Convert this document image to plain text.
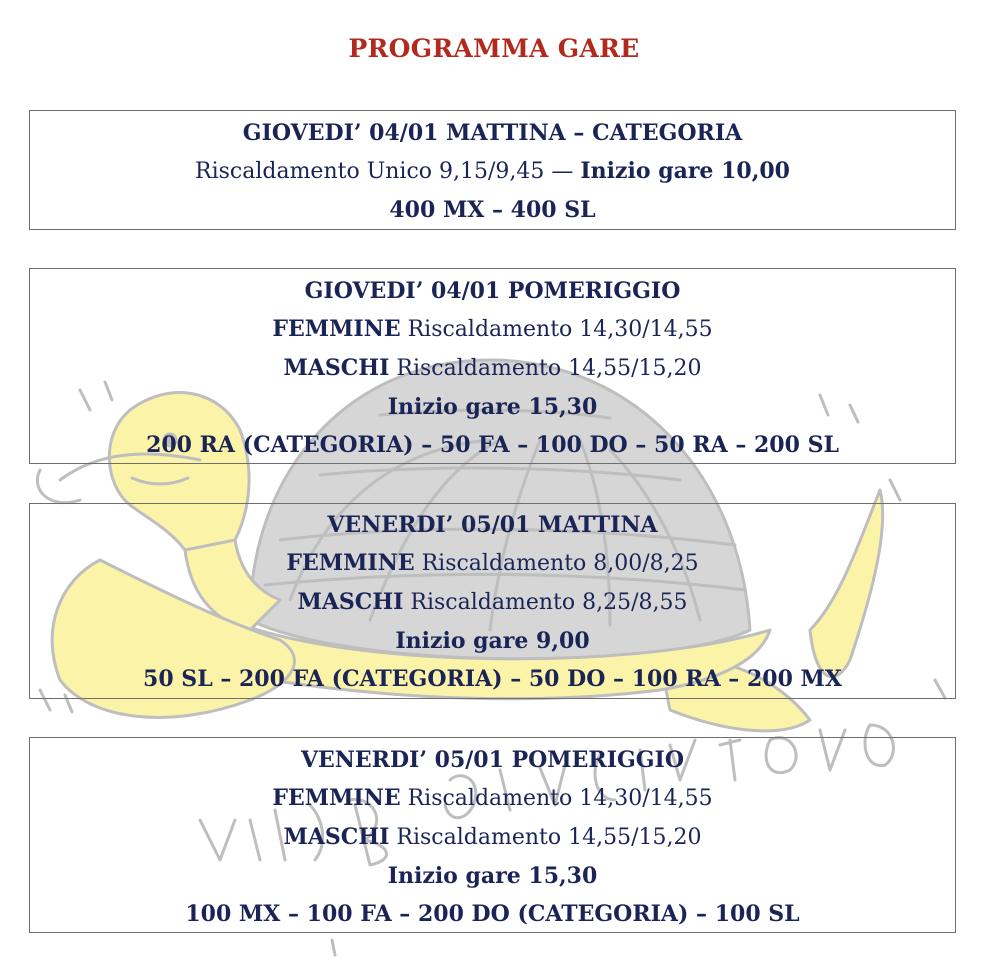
PROGRAMMA GARE
GIOVEDI’ 04/01 MATTINA – CATEGORIA
Riscaldamento Unico 9,15/9,45 — Inizio gare 10,00
400 MX – 400 SL
GIOVEDI’ 04/01 POMERIGGIO
FEMMINE Riscaldamento 14,30/14,55
MASCHI Riscaldamento 14,55/15,20
Inizio gare 15,30
200 RA (CATEGORIA) – 50 FA – 100 DO – 50 RA – 200 SL
VENERDI’ 05/01 MATTINA
FEMMINE Riscaldamento 8,00/8,25
MASCHI Riscaldamento 8,25/8,55
Inizio gare 9,00
50 SL – 200 FA (CATEGORIA) – 50 DO – 100 RA – 200 MX
VENERDI’ 05/01 POMERIGGIO
FEMMINE Riscaldamento 14,30/14,55
MASCHI Riscaldamento 14,55/15,20
Inizio gare 15,30
100 MX – 100 FA – 200 DO (CATEGORIA) – 100 SL
